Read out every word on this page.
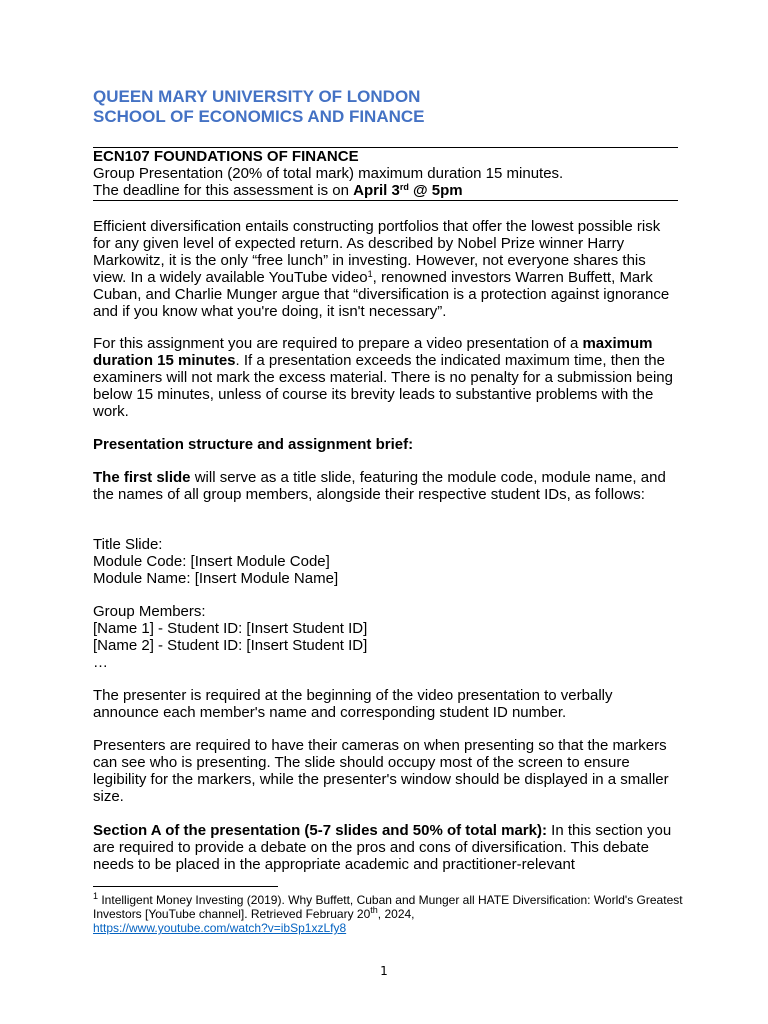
QUEEN MARY UNIVERSITY OF LONDON
SCHOOL OF ECONOMICS AND FINANCE
ECN107 FOUNDATIONS OF FINANCE
Group Presentation (20% of total mark) maximum duration 15 minutes.
The deadline for this assessment is on April 3rd @ 5pm

Efficient diversification entails constructing portfolios that offer the lowest possible risk for any given level of expected return. As described by Nobel Prize winner Harry Markowitz, it is the only “free lunch” in investing. However, not everyone shares this view. In a widely available YouTube video$^1$, renowned investors Warren Buffett, Mark Cuban, and Charlie Munger argue that “diversification is a protection against ignorance and if you know what you're doing, it isn't necessary”.

For this assignment you are required to prepare a video presentation of a maximum duration 15 minutes. If a presentation exceeds the indicated maximum time, then the examiners will not mark the excess material. There is no penalty for a submission being below 15 minutes, unless of course its brevity leads to substantive problems with the work.

Presentation structure and assignment brief:

The first slide will serve as a title slide, featuring the module code, module name, and the names of all group members, alongside their respective student IDs, as follows:

Title Slide:
Module Code: [Insert Module Code]
Module Name: [Insert Module Name]
Group Members:
[Name 1] - Student ID: [Insert Student ID]
[Name 2] - Student ID: [Insert Student ID]
…

The presenter is required at the beginning of the video presentation to verbally announce each member's name and corresponding student ID number.

Presenters are required to have their cameras on when presenting so that the markers can see who is presenting. The slide should occupy most of the screen to ensure legibility for the markers, while the presenter's window should be displayed in a smaller size.

Section A of the presentation (5-7 slides and 50% of total mark): In this section you are required to provide a debate on the pros and cons of diversification. This debate needs to be placed in the appropriate academic and practitioner-relevant

$^1$ Intelligent Money Investing (2019). Why Buffett, Cuban and Munger all HATE Diversification: World's Greatest Investors [YouTube channel]. Retrieved February 20th, 2024,
https://www.youtube.com/watch?v=ibSp1xzLfy8
1
